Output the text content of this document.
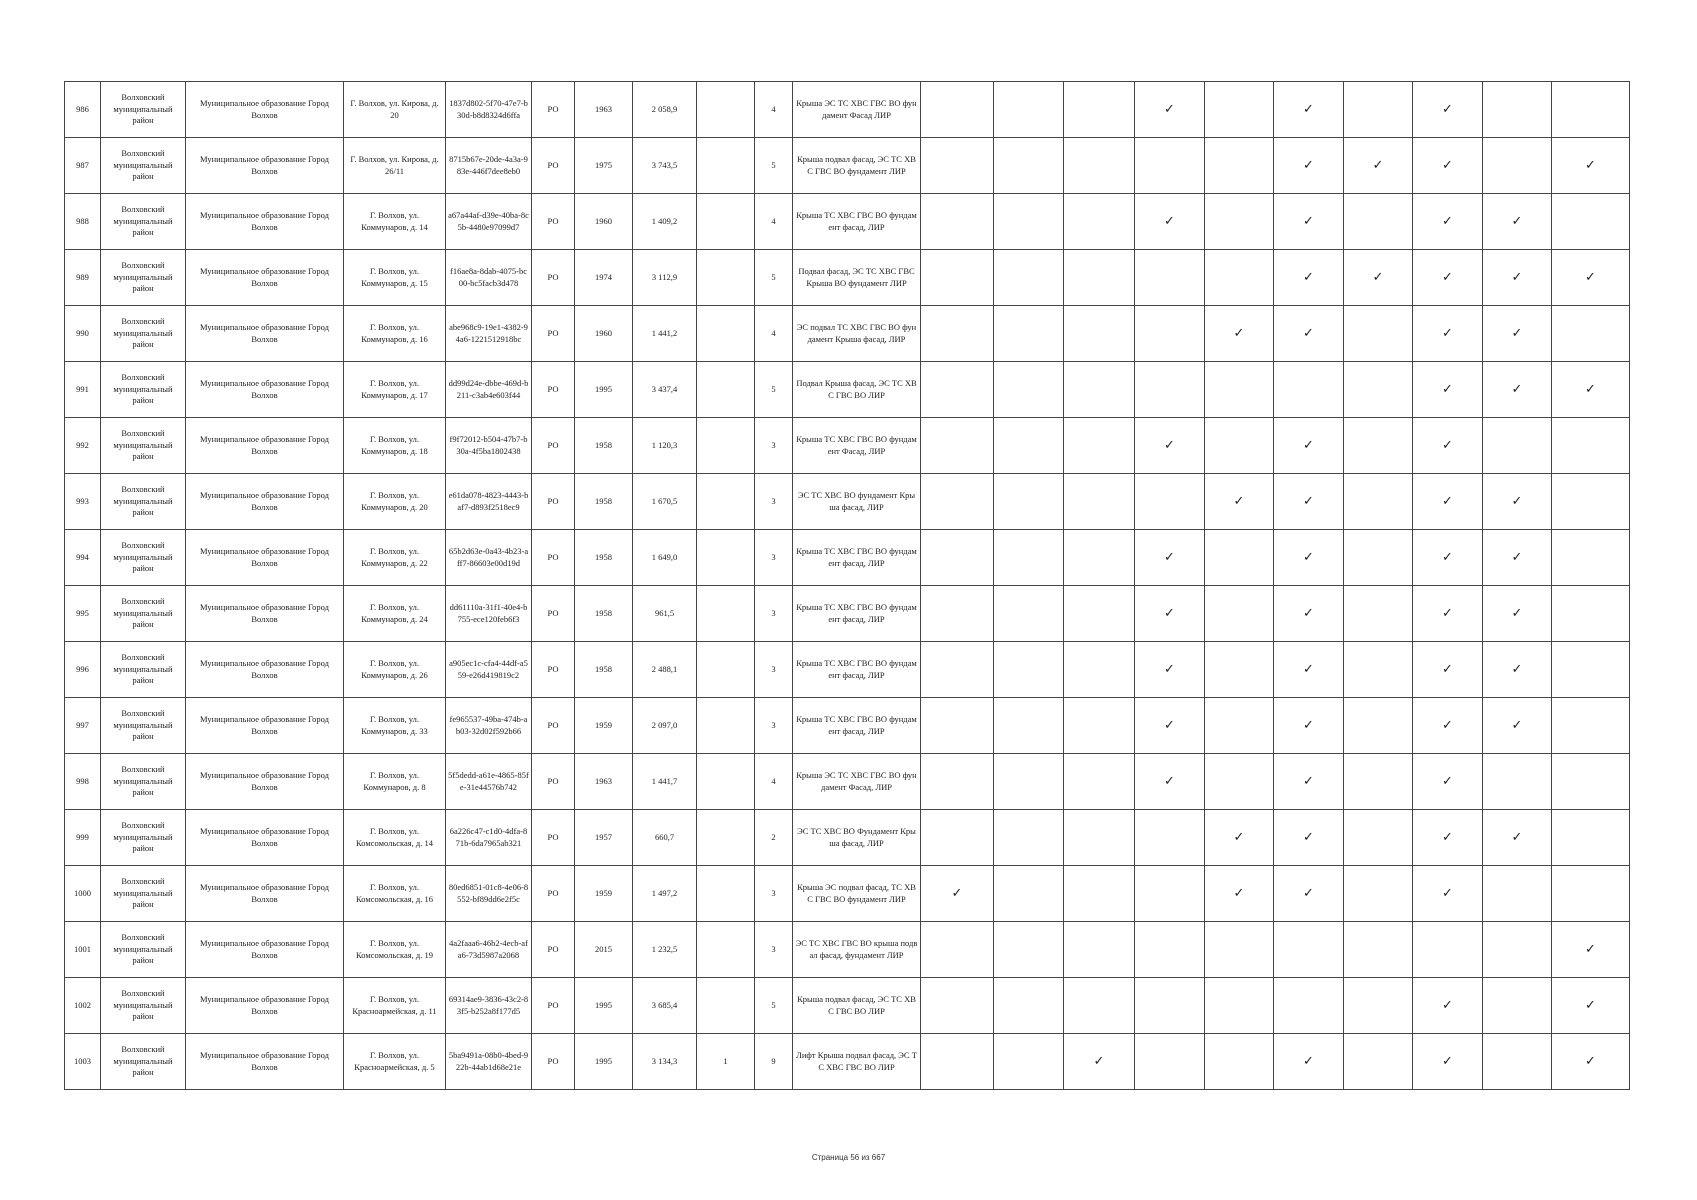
986	Волховский муниципальный район	Муниципальное образование Город Волхов	Г. Волхов, ул. Кирова, д. 20	1837d802-5f70-47e7-b30d-b8d8324d6ffa	РО	1963	2 058,9		4	Крыша ЭС ТС ХВС ГВС ВО фундамент Фасад ЛИР				✓		✓		✓		
987	Волховский муниципальный район	Муниципальное образование Город Волхов	Г. Волхов, ул. Кирова, д. 26/11	8715b67e-20de-4a3a-983e-446f7dee8eb0	РО	1975	3 743,5		5	Крыша подвал фасад, ЭС ТС ХВС ГВС ВО фундамент ЛИР						✓	✓	✓		✓
988	Волховский муниципальный район	Муниципальное образование Город Волхов	Г. Волхов, ул. Коммунаров, д. 14	a67a44af-d39e-40ba-8c5b-4480e97099d7	РО	1960	1 409,2		4	Крыша ТС ХВС ГВС ВО фундамент фасад, ЛИР				✓		✓		✓	✓	
989	Волховский муниципальный район	Муниципальное образование Город Волхов	Г. Волхов, ул. Коммунаров, д. 15	f16ae8a-8dab-4075-bc00-bc5facb3d478	РО	1974	3 112,9		5	Подвал фасад, ЭС ТС ХВС ГВС Крыша ВО фундамент ЛИР						✓	✓	✓	✓	✓
990	Волховский муниципальный район	Муниципальное образование Город Волхов	Г. Волхов, ул. Коммунаров, д. 16	abe968c9-19e1-4382-94a6-1221512918bc	РО	1960	1 441,2		4	ЭС подвал ТС ХВС ГВС ВО фундамент Крыша фасад, ЛИР					✓	✓		✓	✓	
991	Волховский муниципальный район	Муниципальное образование Город Волхов	Г. Волхов, ул. Коммунаров, д. 17	dd99d24e-dbbe-469d-b211-c3ab4e603f44	РО	1995	3 437,4		5	Подвал Крыша фасад, ЭС ТС ХВС ГВС ВО ЛИР								✓	✓	✓
992	Волховский муниципальный район	Муниципальное образование Город Волхов	Г. Волхов, ул. Коммунаров, д. 18	f9f72012-b504-47b7-b30a-4f5ba1802438	РО	1958	1 120,3		3	Крыша ТС ХВС ГВС ВО фундамент Фасад, ЛИР				✓		✓		✓		
993	Волховский муниципальный район	Муниципальное образование Город Волхов	Г. Волхов, ул. Коммунаров, д. 20	e61da078-4823-4443-baf7-d893f2518ec9	РО	1958	1 670,5		3	ЭС ТС ХВС ВО фундамент Крыша фасад, ЛИР					✓	✓		✓	✓	
994	Волховский муниципальный район	Муниципальное образование Город Волхов	Г. Волхов, ул. Коммунаров, д. 22	65b2d63e-0a43-4b23-aff7-86603e00d19d	РО	1958	1 649,0		3	Крыша ТС ХВС ГВС ВО фундамент фасад, ЛИР				✓		✓		✓	✓	
995	Волховский муниципальный район	Муниципальное образование Город Волхов	Г. Волхов, ул. Коммунаров, д. 24	dd61110a-31f1-40e4-b755-ece120feb6f3	РО	1958	961,5		3	Крыша ТС ХВС ГВС ВО фундамент фасад, ЛИР				✓		✓		✓	✓	
996	Волховский муниципальный район	Муниципальное образование Город Волхов	Г. Волхов, ул. Коммунаров, д. 26	a905ec1c-cfa4-44df-a559-e26d419819c2	РО	1958	2 488,1		3	Крыша ТС ХВС ГВС ВО фундамент фасад, ЛИР				✓		✓		✓	✓	
997	Волховский муниципальный район	Муниципальное образование Город Волхов	Г. Волхов, ул. Коммунаров, д. 33	fe965537-49ba-474b-ab03-32d02f592b66	РО	1959	2 097,0		3	Крыша ТС ХВС ГВС ВО фундамент фасад, ЛИР				✓		✓		✓	✓	
998	Волховский муниципальный район	Муниципальное образование Город Волхов	Г. Волхов, ул. Коммунаров, д. 8	5f5dedd-a61e-4865-85fe-31e44576b742	РО	1963	1 441,7		4	Крыша ЭС ТС ХВС ГВС ВО фундамент Фасад, ЛИР				✓		✓		✓		
999	Волховский муниципальный район	Муниципальное образование Город Волхов	Г. Волхов, ул. Комсомольская, д. 14	6a226c47-c1d0-4dfa-871b-6da7965ab321	РО	1957	660,7		2	ЭС ТС ХВС ВО Фундамент Крыша фасад, ЛИР					✓	✓		✓	✓	
1000	Волховский муниципальный район	Муниципальное образование Город Волхов	Г. Волхов, ул. Комсомольская, д. 16	80ed6851-01c8-4e06-8552-bf89dd6e2f5c	РО	1959	1 497,2		3	Крыша ЭС подвал фасад, ТС ХВС ГВС ВО фундамент ЛИР	✓				✓	✓		✓		
1001	Волховский муниципальный район	Муниципальное образование Город Волхов	Г. Волхов, ул. Комсомольская, д. 19	4a2faaa6-46b2-4ecb-afa6-73d5987a2068	РО	2015	1 232,5		3	ЭС ТС ХВС ГВС ВО крыша подвал фасад, фундамент ЛИР										✓
1002	Волховский муниципальный район	Муниципальное образование Город Волхов	Г. Волхов, ул. Красноармейская, д. 11	69314ae9-3836-43c2-83f5-b252a8f177d5	РО	1995	3 685,4		5	Крыша подвал фасад, ЭС ТС ХВС ГВС ВО ЛИР								✓		✓
1003	Волховский муниципальный район	Муниципальное образование Город Волхов	Г. Волхов, ул. Красноармейская, д. 5	5ba9491a-08b0-4bed-922b-44ab1d68e21e	РО	1995	3 134,3	1	9	Лифт Крыша подвал фасад, ЭС ТС ХВС ГВС ВО ЛИР			✓			✓		✓		✓
Страница 56 из 667
